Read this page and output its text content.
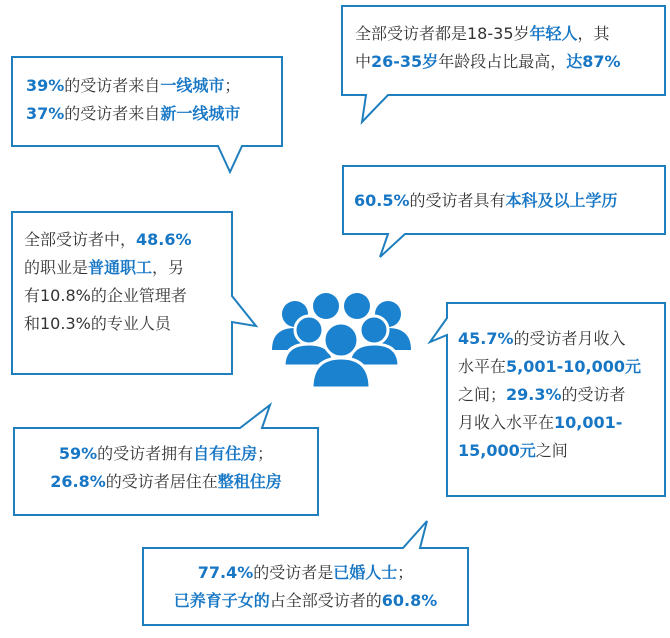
全部受访者都是18-35岁年轻人，其
中26-35岁年龄段占比最高，达87%
39%的受访者来自一线城市；
37%的受访者来自新一线城市
60.5%的受访者具有本科及以上学历
全部受访者中，48.6%
的职业是普通职工，另
有10.8%的企业管理者
和10.3%的专业人员
45.7%的受访者月收入
水平在5,001-10,000元
之间；29.3%的受访者
月收入水平在10,001-
15,000元之间
59%的受访者拥有自有住房；
26.8%的受访者居住在整租住房
77.4%的受访者是已婚人士；
已养育子女的占全部受访者的60.8%
